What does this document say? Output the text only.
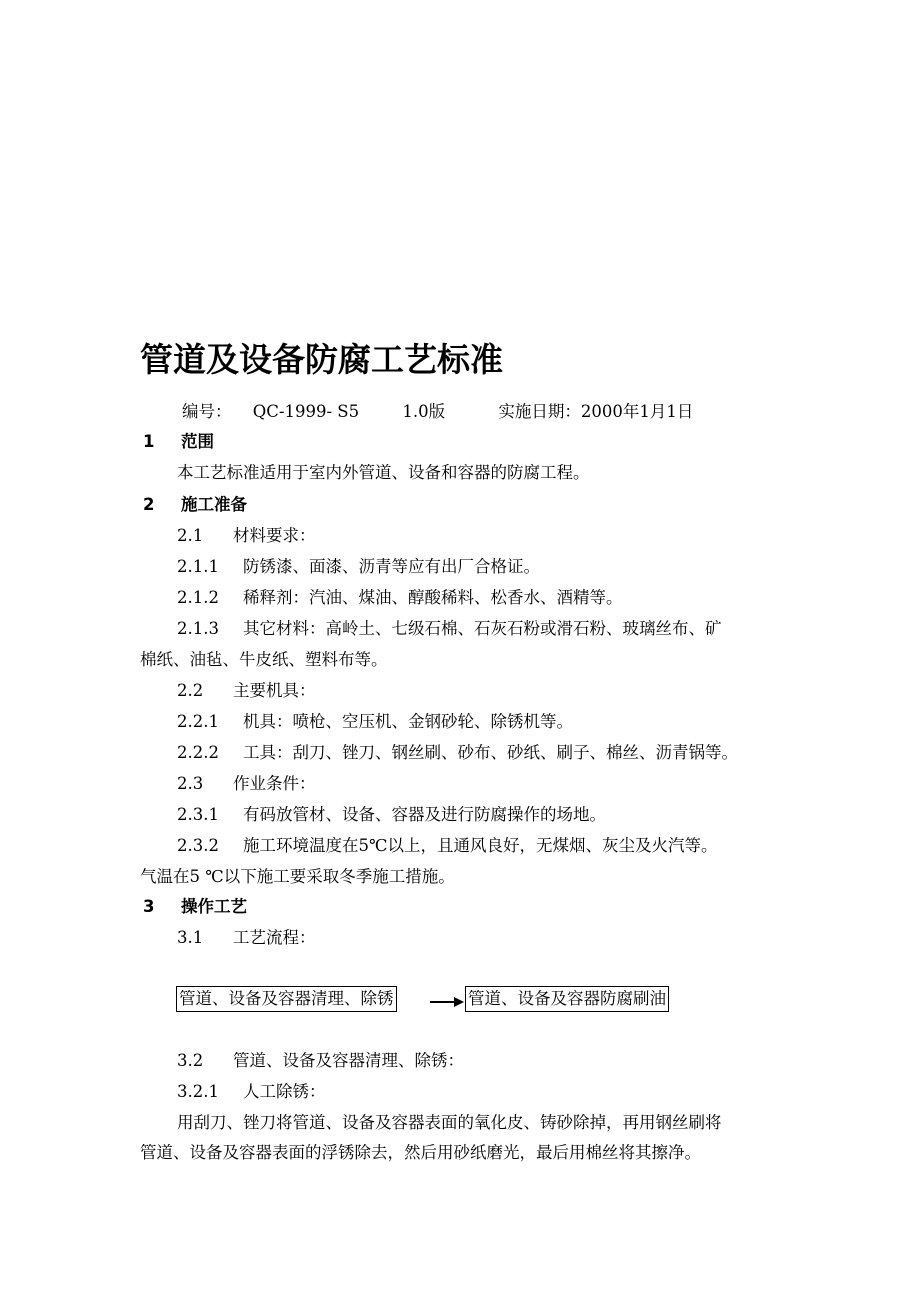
管道及设备防腐工艺标准
编号： QC-1999- S5	1.0版	实施日期：2000年1月1日
1 范围
本工艺标准适用于室内外管道、设备和容器的防腐工程。
2 施工准备
2.1 材料要求：
2.1.1 防锈漆、面漆、沥青等应有出厂合格证。
2.1.2 稀释剂：汽油、煤油、醇酸稀料、松香水、酒精等。
2.1.3 其它材料：高岭土、七级石棉、石灰石粉或滑石粉、玻璃丝布、矿
棉纸、油毡、牛皮纸、塑料布等。
2.2 主要机具：
2.2.1 机具：喷枪、空压机、金钢砂轮、除锈机等。
2.2.2 工具：刮刀、锉刀、钢丝刷、砂布、砂纸、刷子、棉丝、沥青锅等。
2.3 作业条件：
2.3.1 有码放管材、设备、容器及进行防腐操作的场地。
2.3.2 施工环境温度在5℃以上，且通风良好，无煤烟、灰尘及火汽等。
气温在5 ℃以下施工要采取冬季施工措施。
3 操作工艺
3.1 工艺流程：
管道、设备及容器清理、除锈	管道、设备及容器防腐刷油
3.2 管道、设备及容器清理、除锈：
3.2.1 人工除锈：
用刮刀、锉刀将管道、设备及容器表面的氧化皮、铸砂除掉，再用钢丝刷将
管道、设备及容器表面的浮锈除去，然后用砂纸磨光，最后用棉丝将其擦净。
